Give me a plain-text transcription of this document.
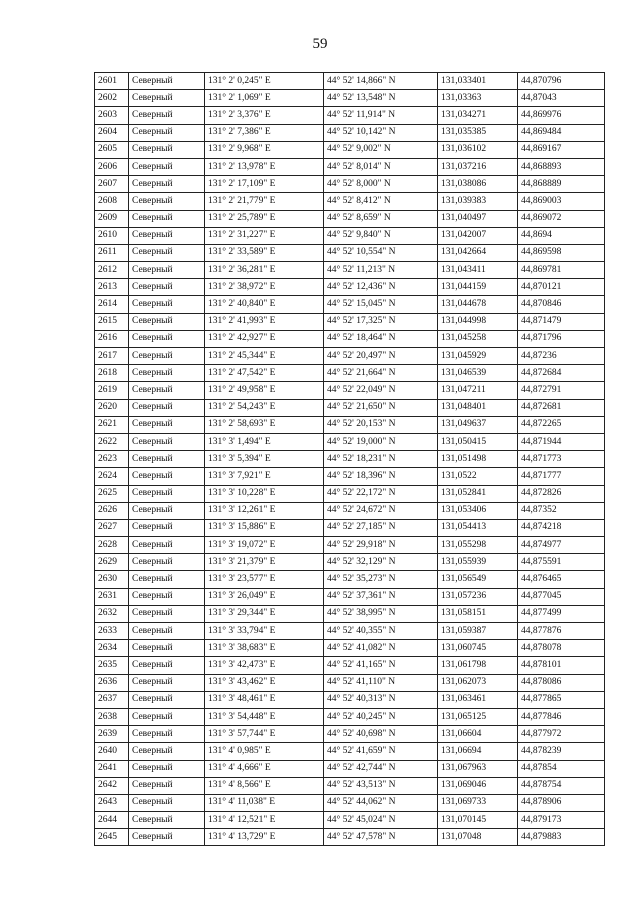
59
2601	Северный	131° 2' 0,245" E	44° 52' 14,866" N	131,033401	44,870796
2602	Северный	131° 2' 1,069" E	44° 52' 13,548" N	131,03363	44,87043
2603	Северный	131° 2' 3,376" E	44° 52' 11,914" N	131,034271	44,869976
2604	Северный	131° 2' 7,386" E	44° 52' 10,142" N	131,035385	44,869484
2605	Северный	131° 2' 9,968" E	44° 52' 9,002" N	131,036102	44,869167
2606	Северный	131° 2' 13,978" E	44° 52' 8,014" N	131,037216	44,868893
2607	Северный	131° 2' 17,109" E	44° 52' 8,000" N	131,038086	44,868889
2608	Северный	131° 2' 21,779" E	44° 52' 8,412" N	131,039383	44,869003
2609	Северный	131° 2' 25,789" E	44° 52' 8,659" N	131,040497	44,869072
2610	Северный	131° 2' 31,227" E	44° 52' 9,840" N	131,042007	44,8694
2611	Северный	131° 2' 33,589" E	44° 52' 10,554" N	131,042664	44,869598
2612	Северный	131° 2' 36,281" E	44° 52' 11,213" N	131,043411	44,869781
2613	Северный	131° 2' 38,972" E	44° 52' 12,436" N	131,044159	44,870121
2614	Северный	131° 2' 40,840" E	44° 52' 15,045" N	131,044678	44,870846
2615	Северный	131° 2' 41,993" E	44° 52' 17,325" N	131,044998	44,871479
2616	Северный	131° 2' 42,927" E	44° 52' 18,464" N	131,045258	44,871796
2617	Северный	131° 2' 45,344" E	44° 52' 20,497" N	131,045929	44,87236
2618	Северный	131° 2' 47,542" E	44° 52' 21,664" N	131,046539	44,872684
2619	Северный	131° 2' 49,958" E	44° 52' 22,049" N	131,047211	44,872791
2620	Северный	131° 2' 54,243" E	44° 52' 21,650" N	131,048401	44,872681
2621	Северный	131° 2' 58,693" E	44° 52' 20,153" N	131,049637	44,872265
2622	Северный	131° 3' 1,494" E	44° 52' 19,000" N	131,050415	44,871944
2623	Северный	131° 3' 5,394" E	44° 52' 18,231" N	131,051498	44,871773
2624	Северный	131° 3' 7,921" E	44° 52' 18,396" N	131,0522	44,871777
2625	Северный	131° 3' 10,228" E	44° 52' 22,172" N	131,052841	44,872826
2626	Северный	131° 3' 12,261" E	44° 52' 24,672" N	131,053406	44,87352
2627	Северный	131° 3' 15,886" E	44° 52' 27,185" N	131,054413	44,874218
2628	Северный	131° 3' 19,072" E	44° 52' 29,918" N	131,055298	44,874977
2629	Северный	131° 3' 21,379" E	44° 52' 32,129" N	131,055939	44,875591
2630	Северный	131° 3' 23,577" E	44° 52' 35,273" N	131,056549	44,876465
2631	Северный	131° 3' 26,049" E	44° 52' 37,361" N	131,057236	44,877045
2632	Северный	131° 3' 29,344" E	44° 52' 38,995" N	131,058151	44,877499
2633	Северный	131° 3' 33,794" E	44° 52' 40,355" N	131,059387	44,877876
2634	Северный	131° 3' 38,683" E	44° 52' 41,082" N	131,060745	44,878078
2635	Северный	131° 3' 42,473" E	44° 52' 41,165" N	131,061798	44,878101
2636	Северный	131° 3' 43,462" E	44° 52' 41,110" N	131,062073	44,878086
2637	Северный	131° 3' 48,461" E	44° 52' 40,313" N	131,063461	44,877865
2638	Северный	131° 3' 54,448" E	44° 52' 40,245" N	131,065125	44,877846
2639	Северный	131° 3' 57,744" E	44° 52' 40,698" N	131,06604	44,877972
2640	Северный	131° 4' 0,985" E	44° 52' 41,659" N	131,06694	44,878239
2641	Северный	131° 4' 4,666" E	44° 52' 42,744" N	131,067963	44,87854
2642	Северный	131° 4' 8,566" E	44° 52' 43,513" N	131,069046	44,878754
2643	Северный	131° 4' 11,038" E	44° 52' 44,062" N	131,069733	44,878906
2644	Северный	131° 4' 12,521" E	44° 52' 45,024" N	131,070145	44,879173
2645	Северный	131° 4' 13,729" E	44° 52' 47,578" N	131,07048	44,879883
